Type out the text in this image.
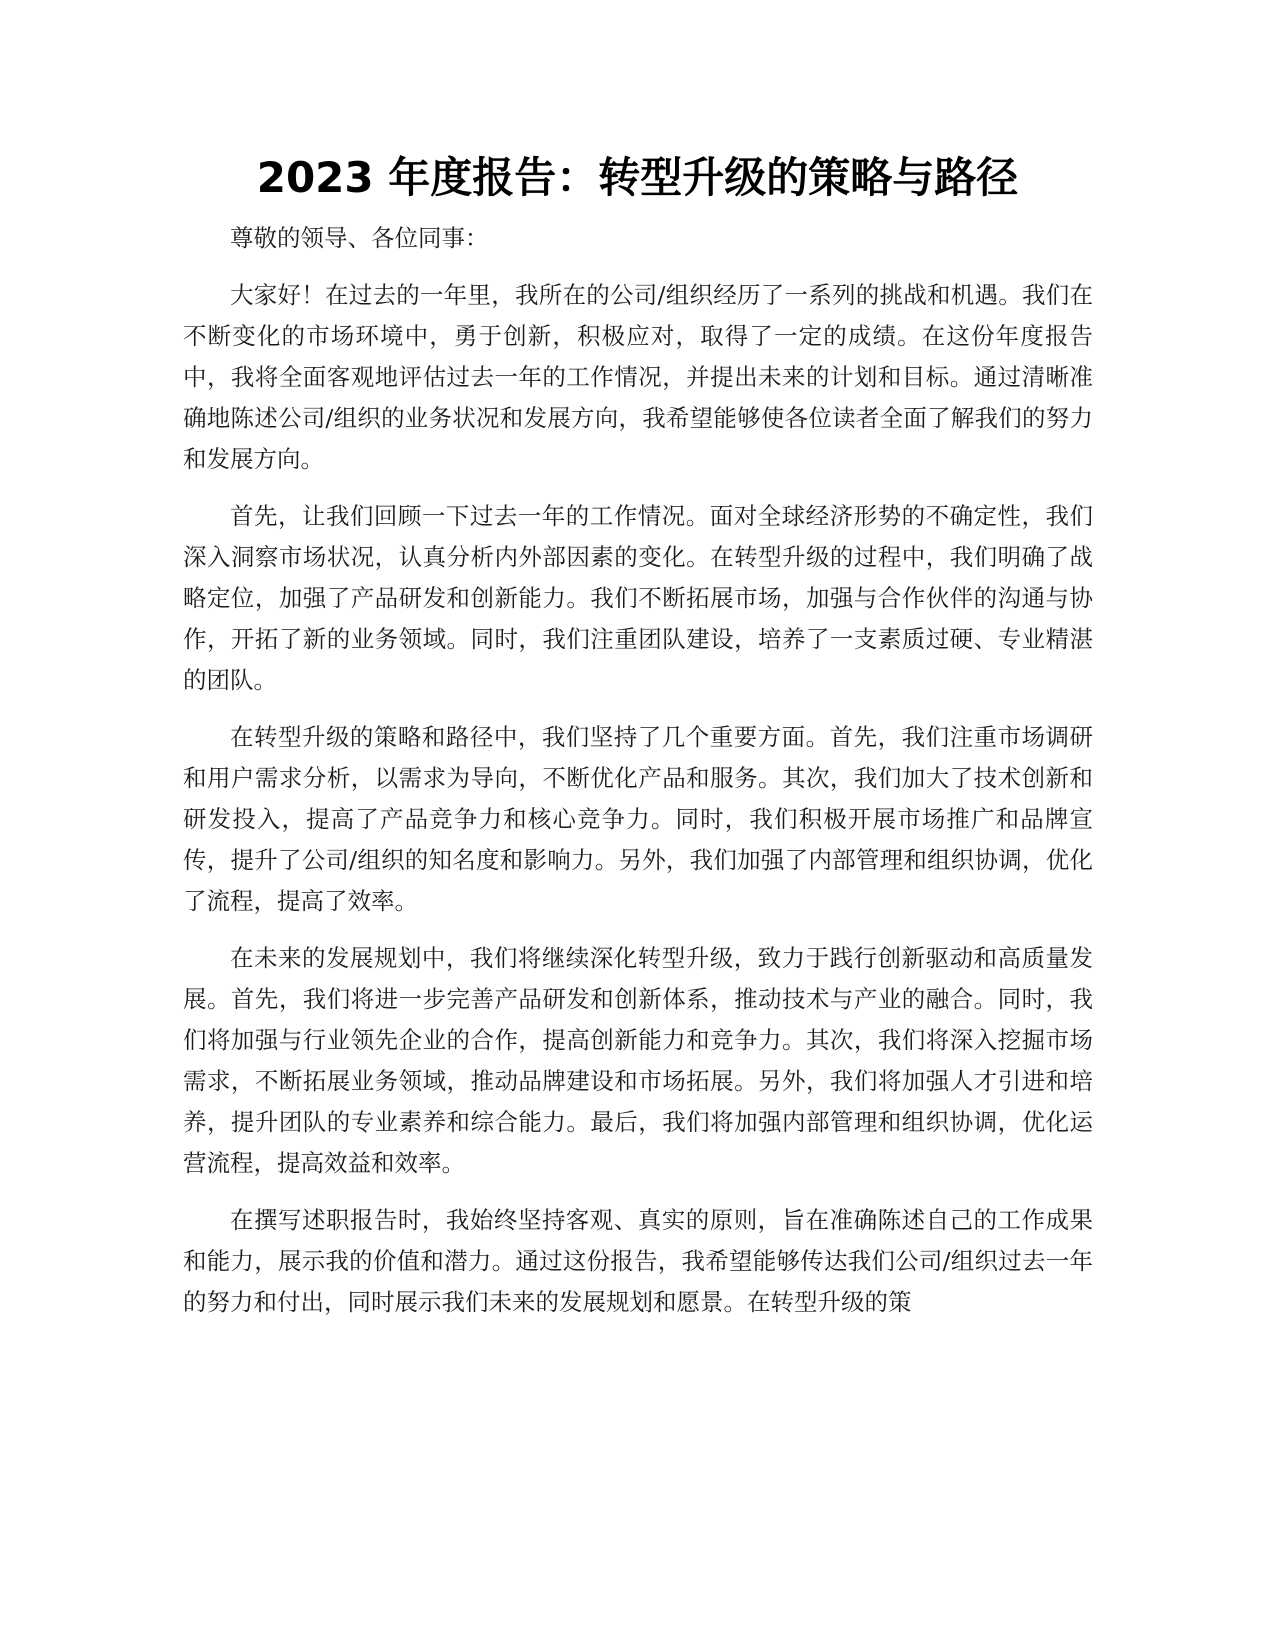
2023 年度报告：转型升级的策略与路径

尊敬的领导、各位同事：

大家好！在过去的一年里，我所在的公司/组织经历了一系列的挑战和机遇。我们在不断变化的市场环境中，勇于创新，积极应对，取得了一定的成绩。在这份年度报告中，我将全面客观地评估过去一年的工作情况，并提出未来的计划和目标。通过清晰准确地陈述公司/组织的业务状况和发展方向，我希望能够使各位读者全面了解我们的努力和发展方向。

首先，让我们回顾一下过去一年的工作情况。面对全球经济形势的不确定性，我们深入洞察市场状况，认真分析内外部因素的变化。在转型升级的过程中，我们明确了战略定位，加强了产品研发和创新能力。我们不断拓展市场，加强与合作伙伴的沟通与协作，开拓了新的业务领域。同时，我们注重团队建设，培养了一支素质过硬、专业精湛的团队。

在转型升级的策略和路径中，我们坚持了几个重要方面。首先，我们注重市场调研和用户需求分析，以需求为导向，不断优化产品和服务。其次，我们加大了技术创新和研发投入，提高了产品竞争力和核心竞争力。同时，我们积极开展市场推广和品牌宣传，提升了公司/组织的知名度和影响力。另外，我们加强了内部管理和组织协调，优化了流程，提高了效率。

在未来的发展规划中，我们将继续深化转型升级，致力于践行创新驱动和高质量发展。首先，我们将进一步完善产品研发和创新体系，推动技术与产业的融合。同时，我们将加强与行业领先企业的合作，提高创新能力和竞争力。其次，我们将深入挖掘市场需求，不断拓展业务领域，推动品牌建设和市场拓展。另外，我们将加强人才引进和培养，提升团队的专业素养和综合能力。最后，我们将加强内部管理和组织协调，优化运营流程，提高效益和效率。

在撰写述职报告时，我始终坚持客观、真实的原则，旨在准确陈述自己的工作成果和能力，展示我的价值和潜力。通过这份报告，我希望能够传达我们公司/组织过去一年的努力和付出，同时展示我们未来的发展规划和愿景。在转型升级的策
